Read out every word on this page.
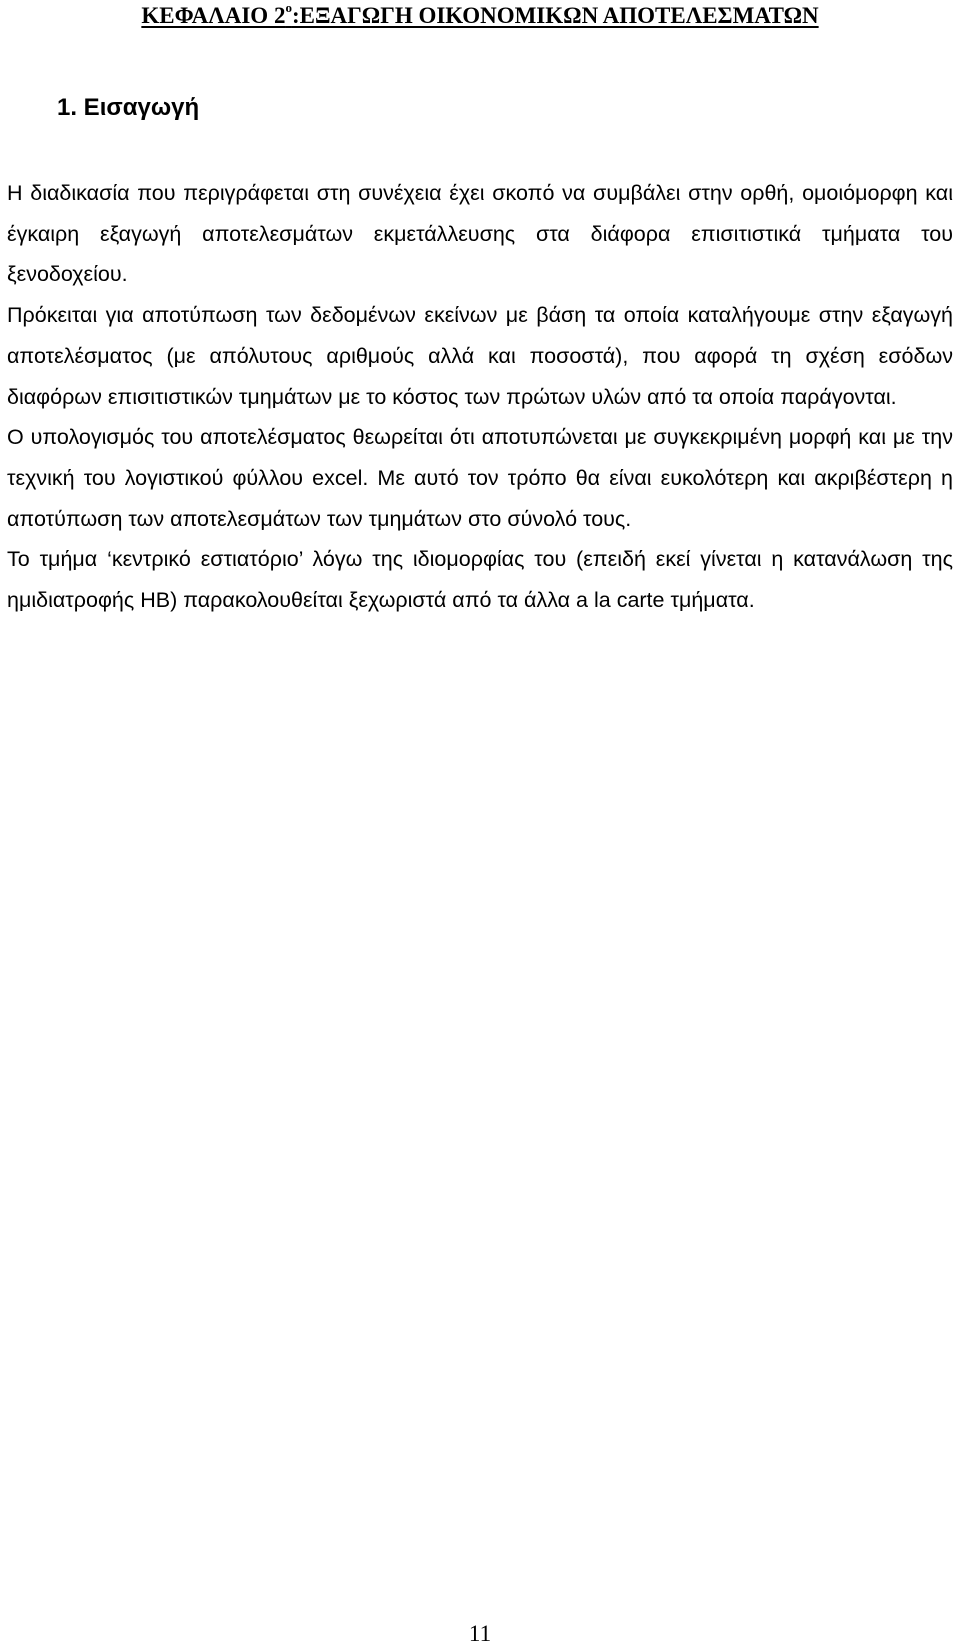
ΚΕΦΑΛΑΙΟ $2^o:E\Xi A\Gamma\Omega\Gamma H$ ΟΙΚΟΝΟΜΙΚΩΝ ΑΠΟΤΕΛΕΣΜΑΤΩΝ
1. Εισαγωγή

Η διαδικασία που περιγράφεται στη συνέχεια έχει σκοπό να συμβάλει στην ορθή, ομοιόμορφη και έγκαιρη εξαγωγή αποτελεσμάτων εκμετάλλευσης στα διάφορα επισιτιστικά τμήματα του ξενοδοχείου.

Πρόκειται για αποτύπωση των δεδομένων εκείνων με βάση τα οποία καταλήγουμε στην εξαγωγή αποτελέσματος (με απόλυτους αριθμούς αλλά και ποσοστά), που αφορά τη σχέση εσόδων διαφόρων επισιτιστικών τμημάτων με το κόστος των πρώτων υλών από τα οποία παράγονται.

Ο υπολογισμός του αποτελέσματος θεωρείται ότι αποτυπώνεται με συγκεκριμένη μορφή και με την τεχνική του λογιστικού φύλλου excel. Με αυτό τον τρόπο θα είναι ευκολότερη και ακριβέστερη η αποτύπωση των αποτελεσμάτων των τμημάτων στο σύνολό τους.

Το τμήμα ‘κεντρικό εστιατόριο’ λόγω της ιδιομορφίας του (επειδή εκεί γίνεται η κατανάλωση της ημιδιατροφής ΗΒ) παρακολουθείται ξεχωριστά από τα άλλα a la carte τμήματα.

11
